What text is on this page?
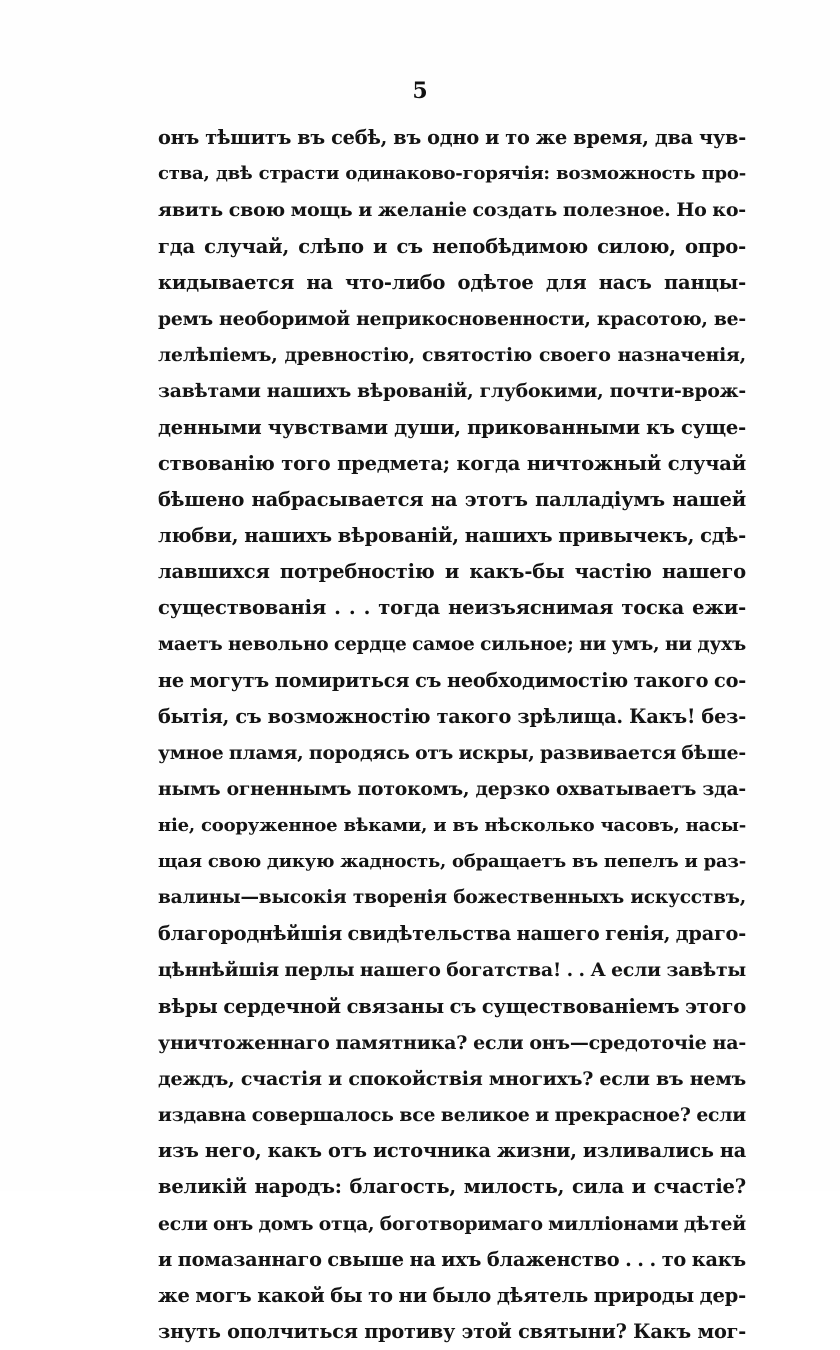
5
онъ тѣшитъ въ себѣ, въ одно и то же время, два чув-
ства, двѣ страсти одинаково-горячія: возможность про-
явить свою мощь и желаніе создать полезное. Но ко-
гда случай, слѣпо и съ непобѣдимою силою, опро-
кидывается на что-либо одѣтое для насъ панцы-
ремъ необоримой неприкосновенности, красотою, ве-
лелѣпіемъ, древностію, святостію своего назначенія,
завѣтами нашихъ вѣрованій, глубокими, почти-врож-
денными чувствами души, прикованными къ суще-
ствованію того предмета; когда ничтожный случай
бѣшено набрасывается на этотъ палладіумъ нашей
любви, нашихъ вѣрованій, нашихъ привычекъ, сдѣ-
лавшихся потребностію и какъ-бы частію нашего
существованія . . . тогда неизъяснимая тоска ежи-
маетъ невольно сердце самое сильное; ни умъ, ни духъ
не могутъ помириться съ необходимостію такого со-
бытія, съ возможностію такого зрѣлища. Какъ! без-
умное пламя, породясь отъ искры, развивается бѣше-
нымъ огненнымъ потокомъ, дерзко охватываетъ зда-
ніе, сооруженное вѣками, и въ нѣсколько часовъ, насы-
щая свою дикую жадность, обращаетъ въ пепелъ и раз-
валины—высокія творенія божественныхъ искусствъ,
благороднѣйшія свидѣтельства нашего генія, драго-
цѣннѣйшія перлы нашего богатства! . . А если завѣты
вѣры сердечной связаны съ существованіемъ этого
уничтоженнаго памятника? если онъ—средоточіе на-
деждъ, счастія и спокойствія многихъ? если въ немъ
издавна совершалось все великое и прекрасное? если
изъ него, какъ отъ источника жизни, изливались на
великій народъ: благость, милость, сила и счастіе?
если онъ домъ отца, боготворимаго милліонами дѣтей
и помазаннаго свыше на ихъ блаженство . . . то какъ
же могъ какой бы то ни было дѣятель природы дер-
знуть ополчиться противу этой святыни? Какъ мог-
